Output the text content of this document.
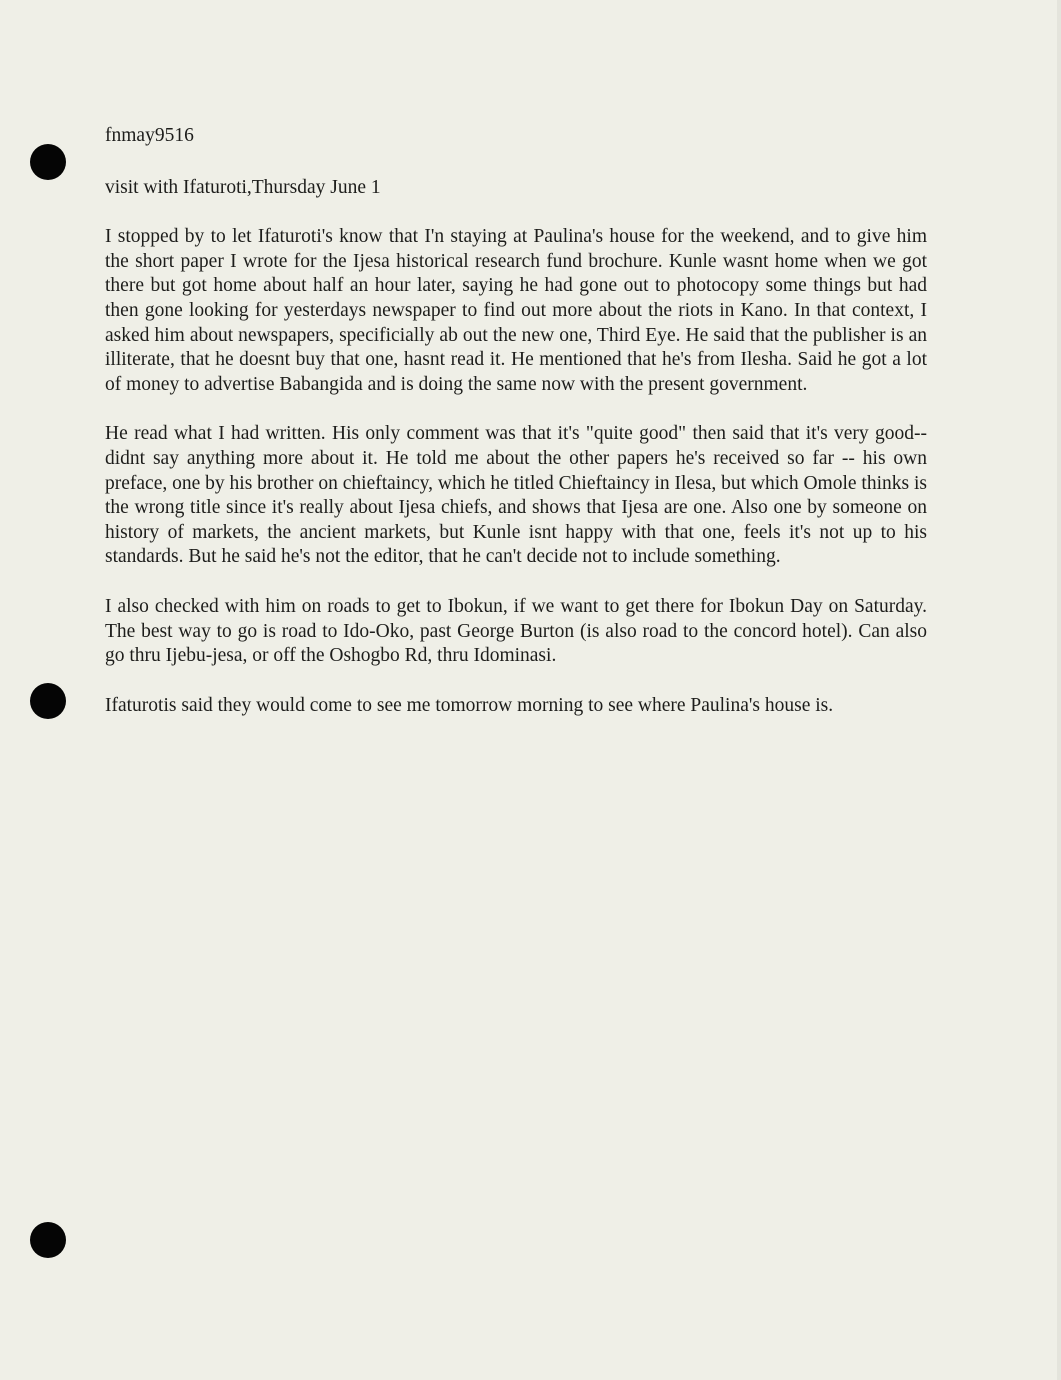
fnmay9516

visit with Ifaturoti,Thursday June 1

I stopped by to let Ifaturoti's know that I'n staying at Paulina's house for the weekend, and to give him the short paper I wrote for the Ijesa historical research fund brochure. Kunle wasnt home when we got there but got home about half an hour later, saying he had gone out to photocopy some things but had then gone looking for yesterdays newspaper to find out more about the riots in Kano. In that context, I asked him about newspapers, specificially ab out the new one, Third Eye. He said that the publisher is an illiterate, that he doesnt buy that one, hasnt read it. He mentioned that he's from Ilesha. Said he got a lot of money to advertise Babangida and is doing the same now with the present government.

He read what I had written. His only comment was that it's "quite good" then said that it's very good-- didnt say anything more about it. He told me about the other papers he's received so far -- his own preface, one by his brother on chieftaincy, which he titled Chieftaincy in Ilesa, but which Omole thinks is the wrong title since it's really about Ijesa chiefs, and shows that Ijesa are one. Also one by someone on history of markets, the ancient markets, but Kunle isnt happy with that one, feels it's not up to his standards. But he said he's not the editor, that he can't decide not to include something.

I also checked with him on roads to get to Ibokun, if we want to get there for Ibokun Day on Saturday. The best way to go is road to Ido-Oko, past George Burton (is also road to the concord hotel). Can also go thru Ijebu-jesa, or off the Oshogbo Rd, thru Idominasi.

Ifaturotis said they would come to see me tomorrow morning to see where Paulina's house is.
